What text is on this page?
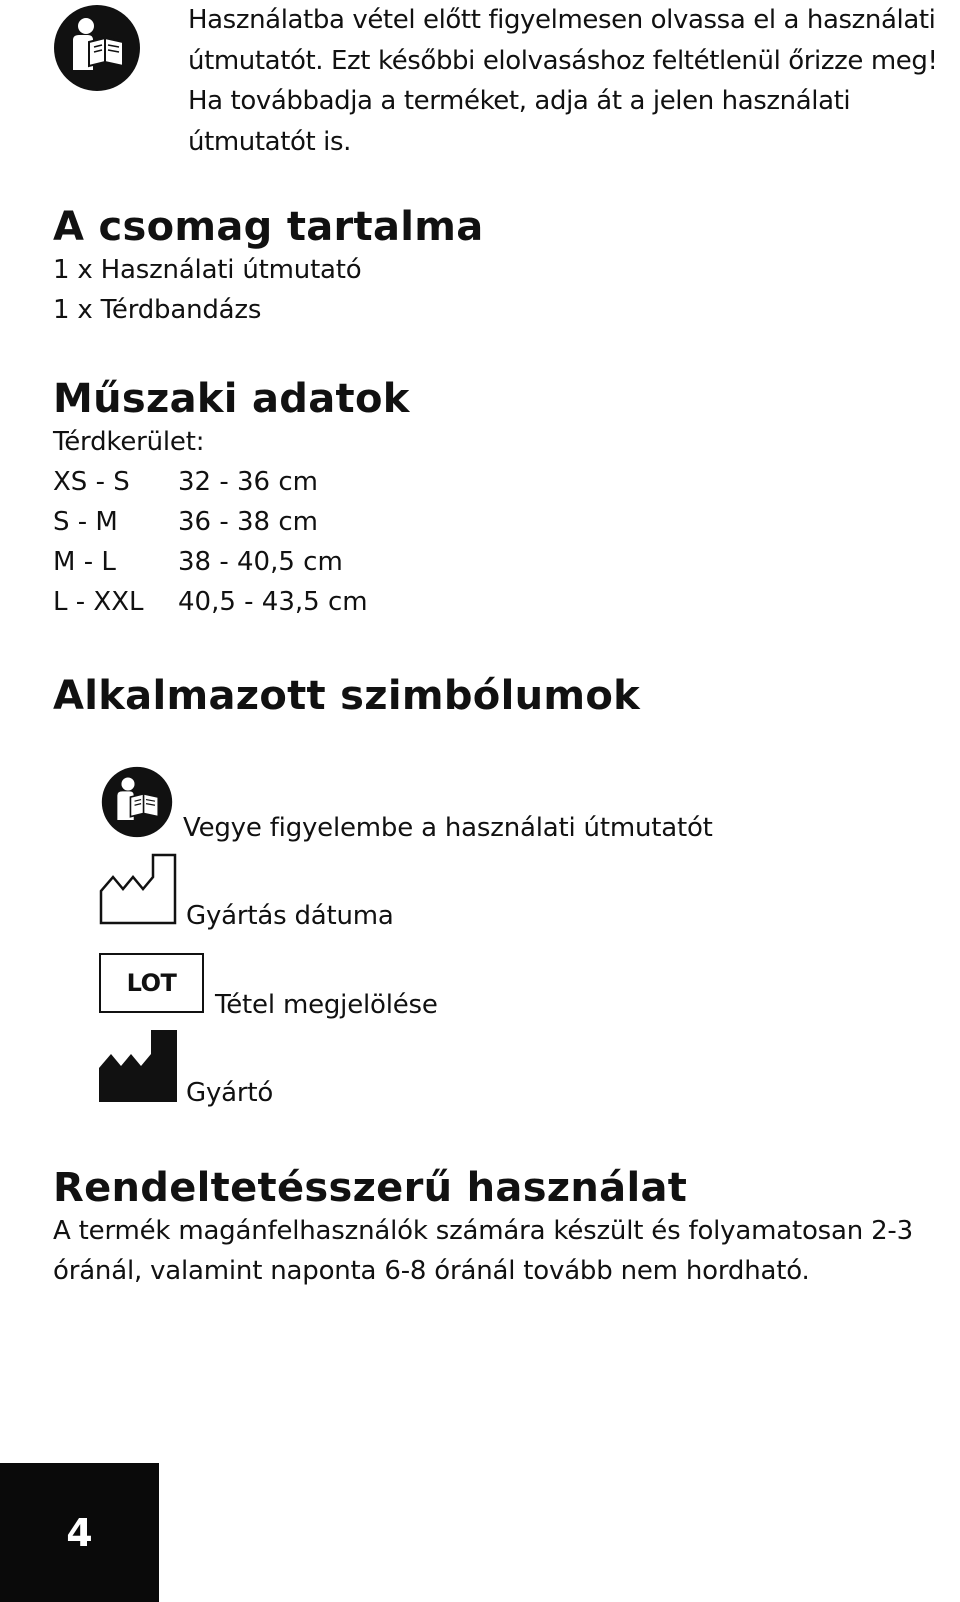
Használatba vétel előtt figyelmesen olvassa el a használati
útmutatót. Ezt későbbi elolvasáshoz feltétlenül őrizze meg!
Ha továbbadja a terméket, adja át a jelen használati
útmutatót is.
A csomag tartalma
1 x Használati útmutató
1 x Térdbandázs
Műszaki adatok
Térdkerület:
XS - S 32 - 36 cm
S - M 36 - 38 cm
M - L 38 - 40,5 cm
L - XXL 40,5 - 43,5 cm
Alkalmazott szimbólumok
Vegye figyelembe a használati útmutatót
Gyártás dátuma
LOT
Tétel megjelölése
Gyártó
Rendeltetésszerű használat
A termék magánfelhasználók számára készült és folyamatosan 2-3
óránál, valamint naponta 6-8 óránál tovább nem hordható.
4
